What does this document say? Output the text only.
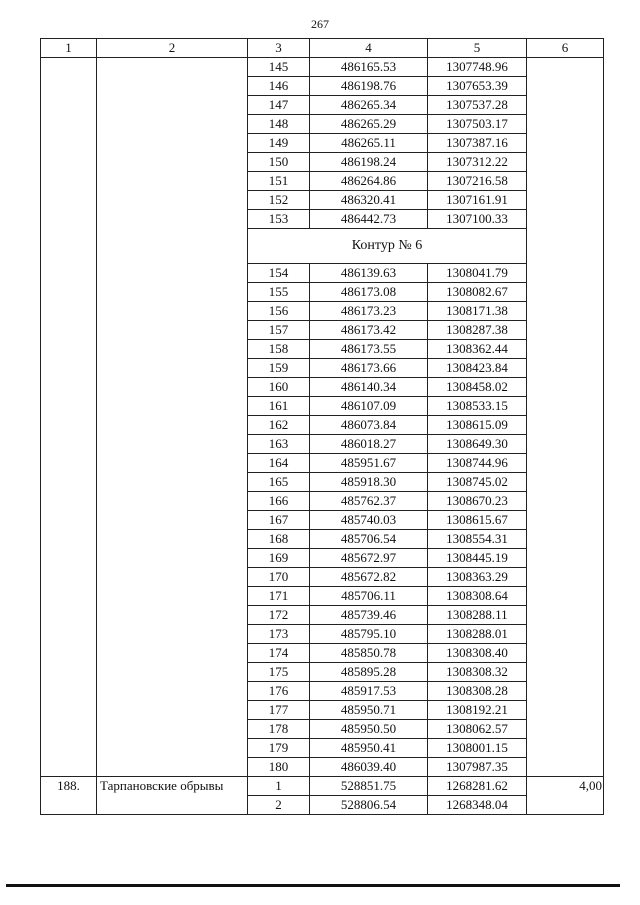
267
1	2	3	4	5	6
		145	486165.53	1307748.96	
		146	486198.76	1307653.39	
		147	486265.34	1307537.28	
		148	486265.29	1307503.17	
		149	486265.11	1307387.16	
		150	486198.24	1307312.22	
		151	486264.86	1307216.58	
		152	486320.41	1307161.91	
		153	486442.73	1307100.33	
		Контур № 6			
		154	486139.63	1308041.79	
		155	486173.08	1308082.67	
		156	486173.23	1308171.38	
		157	486173.42	1308287.38	
		158	486173.55	1308362.44	
		159	486173.66	1308423.84	
		160	486140.34	1308458.02	
		161	486107.09	1308533.15	
		162	486073.84	1308615.09	
		163	486018.27	1308649.30	
		164	485951.67	1308744.96	
		165	485918.30	1308745.02	
		166	485762.37	1308670.23	
		167	485740.03	1308615.67	
		168	485706.54	1308554.31	
		169	485672.97	1308445.19	
		170	485672.82	1308363.29	
		171	485706.11	1308308.64	
		172	485739.46	1308288.11	
		173	485795.10	1308288.01	
		174	485850.78	1308308.40	
		175	485895.28	1308308.32	
		176	485917.53	1308308.28	
		177	485950.71	1308192.21	
		178	485950.50	1308062.57	
		179	485950.41	1308001.15	
		180	486039.40	1307987.35	
188.	Тарпановские обрывы	1	528851.75	1268281.62	4,00
		2	528806.54	1268348.04	
